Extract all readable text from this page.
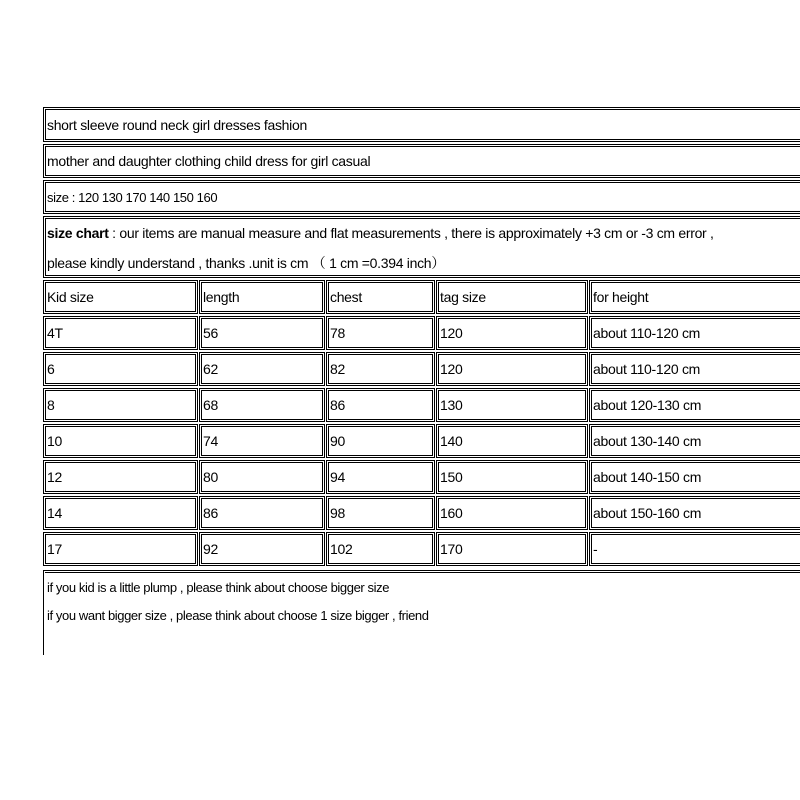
short sleeve round neck girl dresses fashion
mother and daughter clothing child dress for girl casual
size : 120 130 170 140 150 160
size chart : our items are manual measure and flat measurements , there is approximately +3 cm or -3 cm error ,
please kindly understand , thanks .unit is cm （ 1 cm =0.394 inch）
Kid size	length	chest	tag size	for height
4T	56	78	120	about 110-120 cm
6	62	82	120	about 110-120 cm
8	68	86	130	about 120-130 cm
10	74	90	140	about 130-140 cm
12	80	94	150	about 140-150 cm
14	86	98	160	about 150-160 cm
17	92	102	170	-
if you kid is a little plump , please think about choose bigger size
if you want bigger size , please think about choose 1 size bigger , friend
